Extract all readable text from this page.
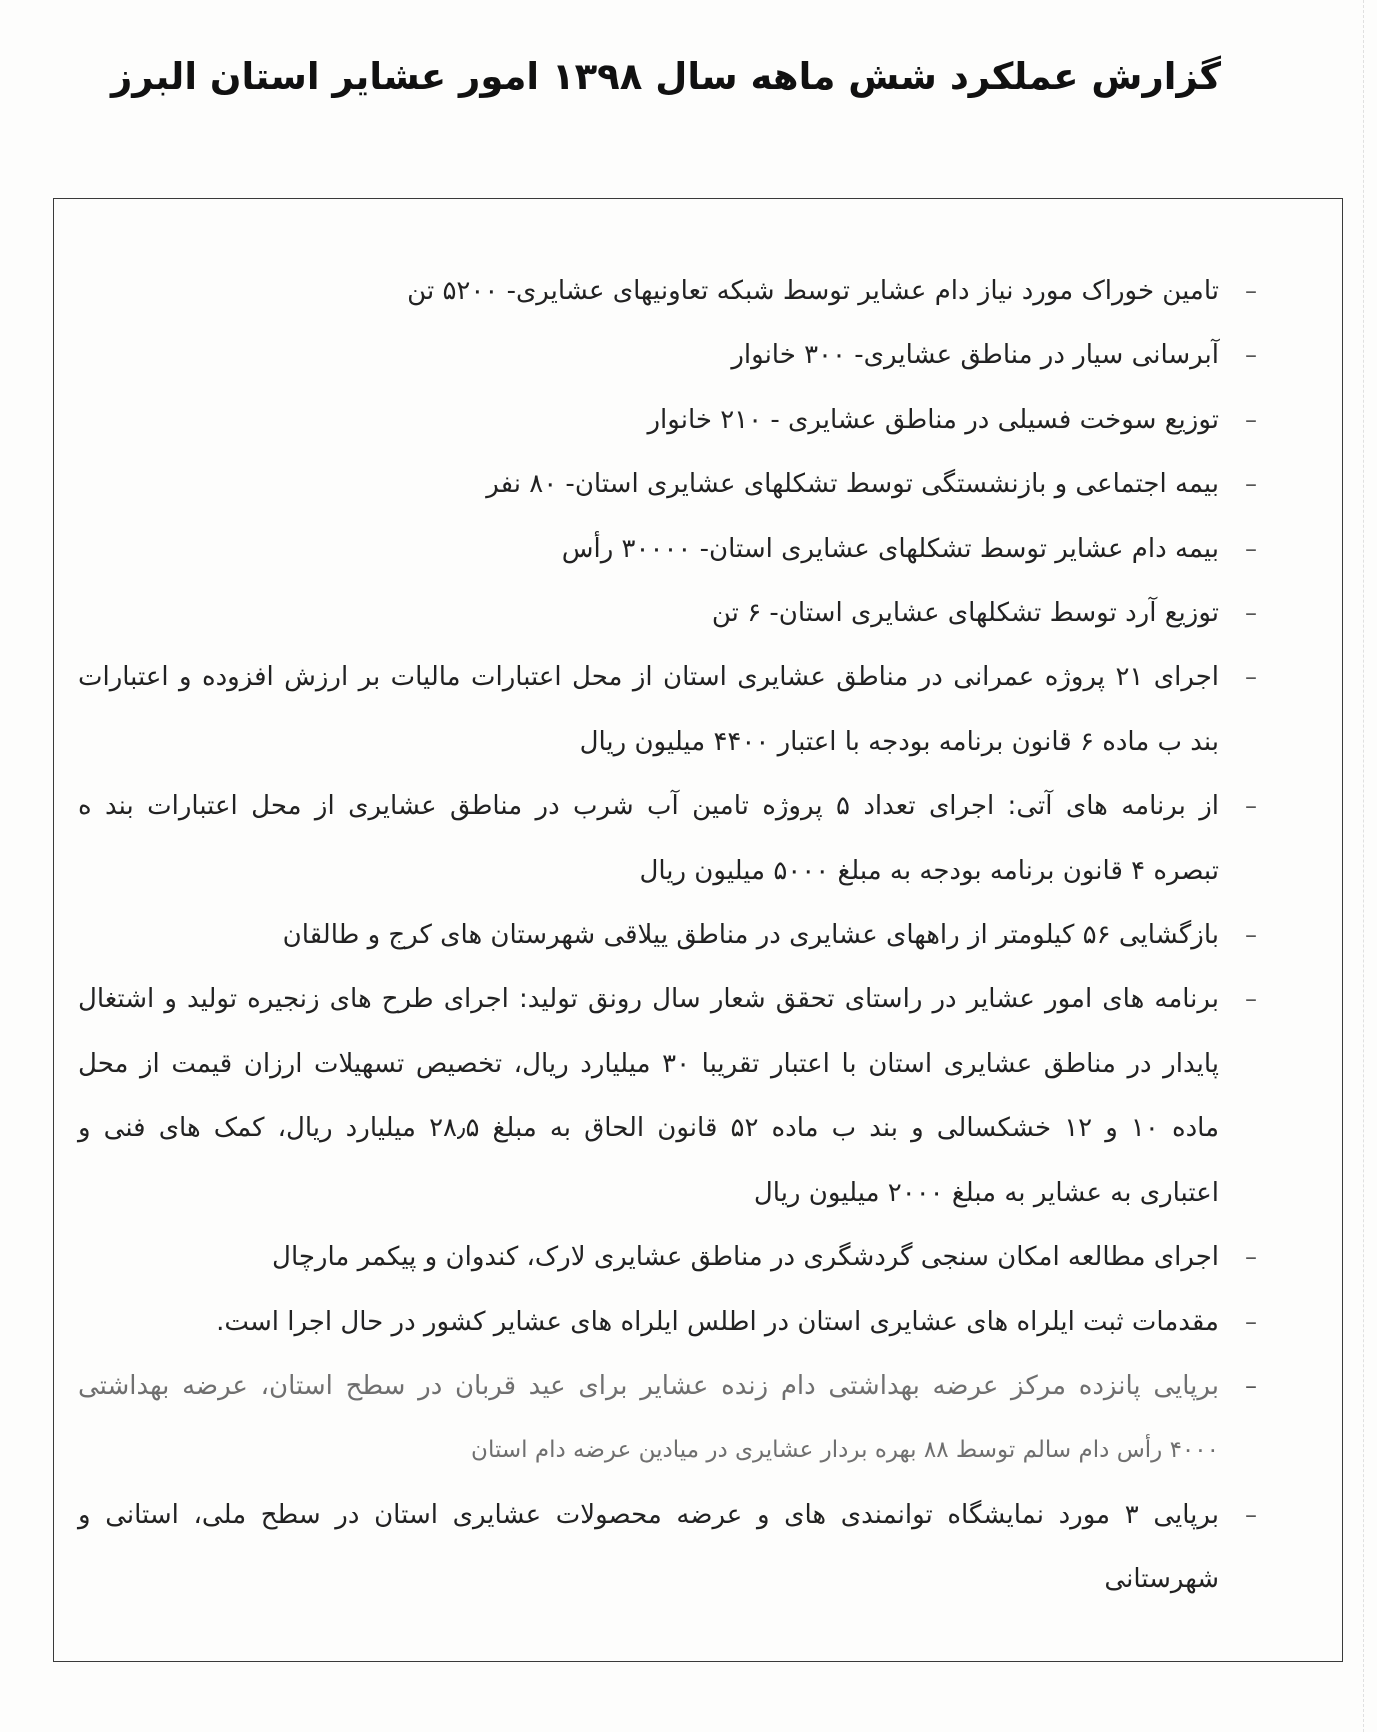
گزارش عملکرد شش ماهه سال ۱۳۹۸ امور عشایر استان البرز
–
تامین خوراک مورد نیاز دام عشایر توسط شبکه تعاونیهای عشایری- ۵۲۰۰ تن
–
آبرسانی سیار در مناطق عشایری- ۳۰۰ خانوار
–
توزیع سوخت فسیلی در مناطق عشایری - ۲۱۰ خانوار
–
بیمه اجتماعی و بازنشستگی توسط تشکلهای عشایری استان- ۸۰ نفر
–
بیمه دام عشایر توسط تشکلهای عشایری استان- ۳۰۰۰۰ رأس
–
توزیع آرد توسط تشکلهای عشایری استان- ۶ تن
–
اجرای ۲۱ پروژه عمرانی در مناطق عشایری استان از محل اعتبارات مالیات بر ارزش افزوده و اعتبارات
بند ب ماده ۶ قانون برنامه بودجه با اعتبار ۴۴۰۰ میلیون ریال
–
از برنامه های آتی: اجرای تعداد ۵ پروژه تامین آب شرب در مناطق عشایری از محل اعتبارات بند ه
تبصره ۴ قانون برنامه بودجه به مبلغ ۵۰۰۰ میلیون ریال
–
بازگشایی ۵۶ کیلومتر از راههای عشایری در مناطق ییلاقی شهرستان های کرج و طالقان
–
برنامه های امور عشایر در راستای تحقق شعار سال رونق تولید: اجرای طرح های زنجیره تولید و اشتغال
پایدار در مناطق عشایری استان با اعتبار تقریبا ۳۰ میلیارد ریال، تخصیص تسهیلات ارزان قیمت از محل
ماده ۱۰ و ۱۲ خشکسالی و بند ب ماده ۵۲ قانون الحاق به مبلغ ۲۸٫۵ میلیارد ریال، کمک های فنی و
اعتباری به عشایر به مبلغ ۲۰۰۰ میلیون ریال
–
اجرای مطالعه امکان سنجی گردشگری در مناطق عشایری لارک، کندوان و پیکمر مارچال
–
مقدمات ثبت ایلراه های عشایری استان در اطلس ایلراه های عشایر کشور در حال اجرا است.
–
برپایی پانزده مرکز عرضه بهداشتی دام زنده عشایر برای عید قربان در سطح استان، عرضه بهداشتی
۴۰۰۰ رأس دام سالم توسط ۸۸ بهره بردار عشایری در میادین عرضه دام استان
–
برپایی ۳ مورد نمایشگاه توانمندی های و عرضه محصولات عشایری استان در سطح ملی، استانی و
شهرستانی
